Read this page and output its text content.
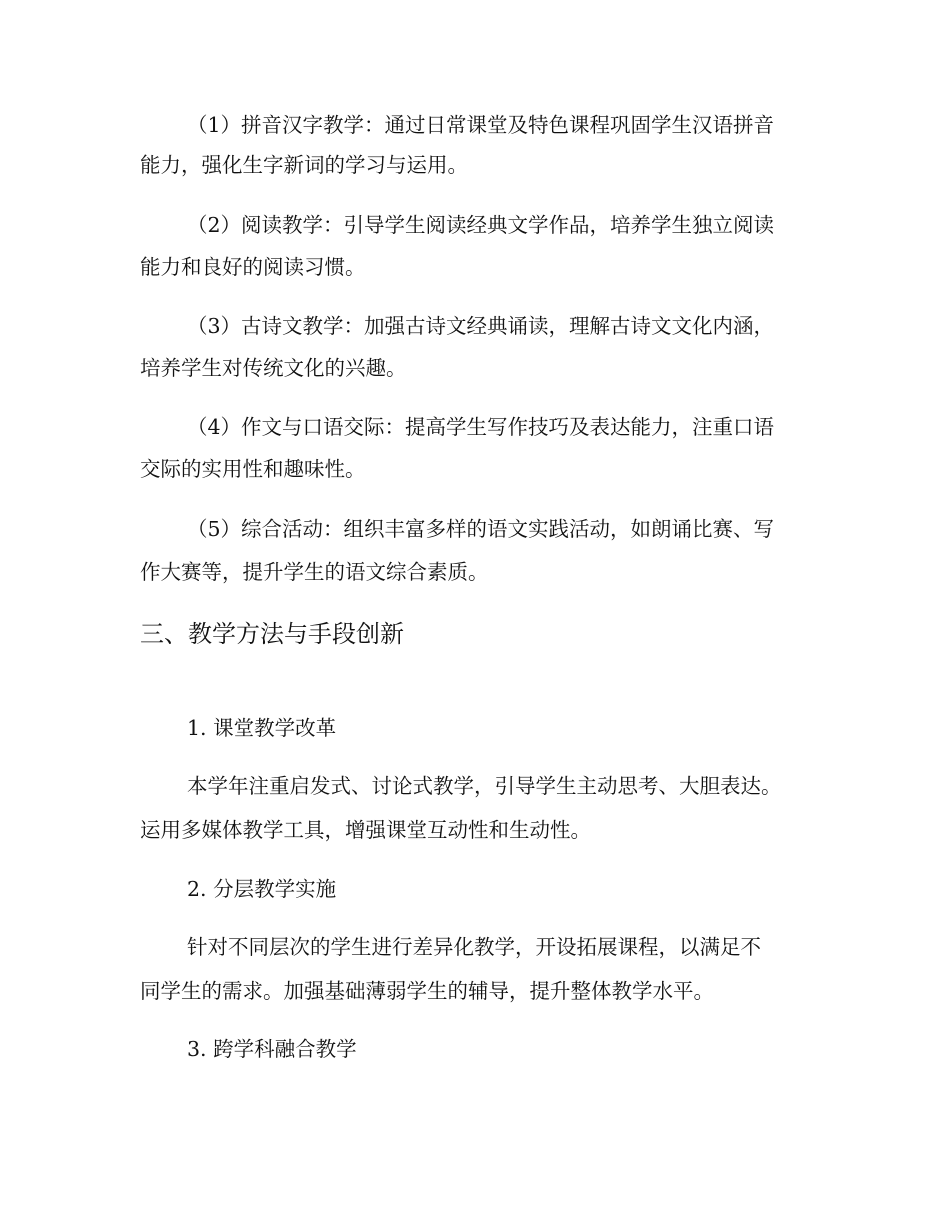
（1）拼音汉字教学：通过日常课堂及特色课程巩固学生汉语拼音
能力，强化生字新词的学习与运用。
（2）阅读教学：引导学生阅读经典文学作品，培养学生独立阅读
能力和良好的阅读习惯。
（3）古诗文教学：加强古诗文经典诵读，理解古诗文文化内涵，
培养学生对传统文化的兴趣。
（4）作文与口语交际：提高学生写作技巧及表达能力，注重口语
交际的实用性和趣味性。
（5）综合活动：组织丰富多样的语文实践活动，如朗诵比赛、写
作大赛等，提升学生的语文综合素质。
三、教学方法与手段创新
1. 课堂教学改革
本学年注重启发式、讨论式教学，引导学生主动思考、大胆表达。
运用多媒体教学工具，增强课堂互动性和生动性。
2. 分层教学实施
针对不同层次的学生进行差异化教学，开设拓展课程，以满足不
同学生的需求。加强基础薄弱学生的辅导，提升整体教学水平。
3. 跨学科融合教学
